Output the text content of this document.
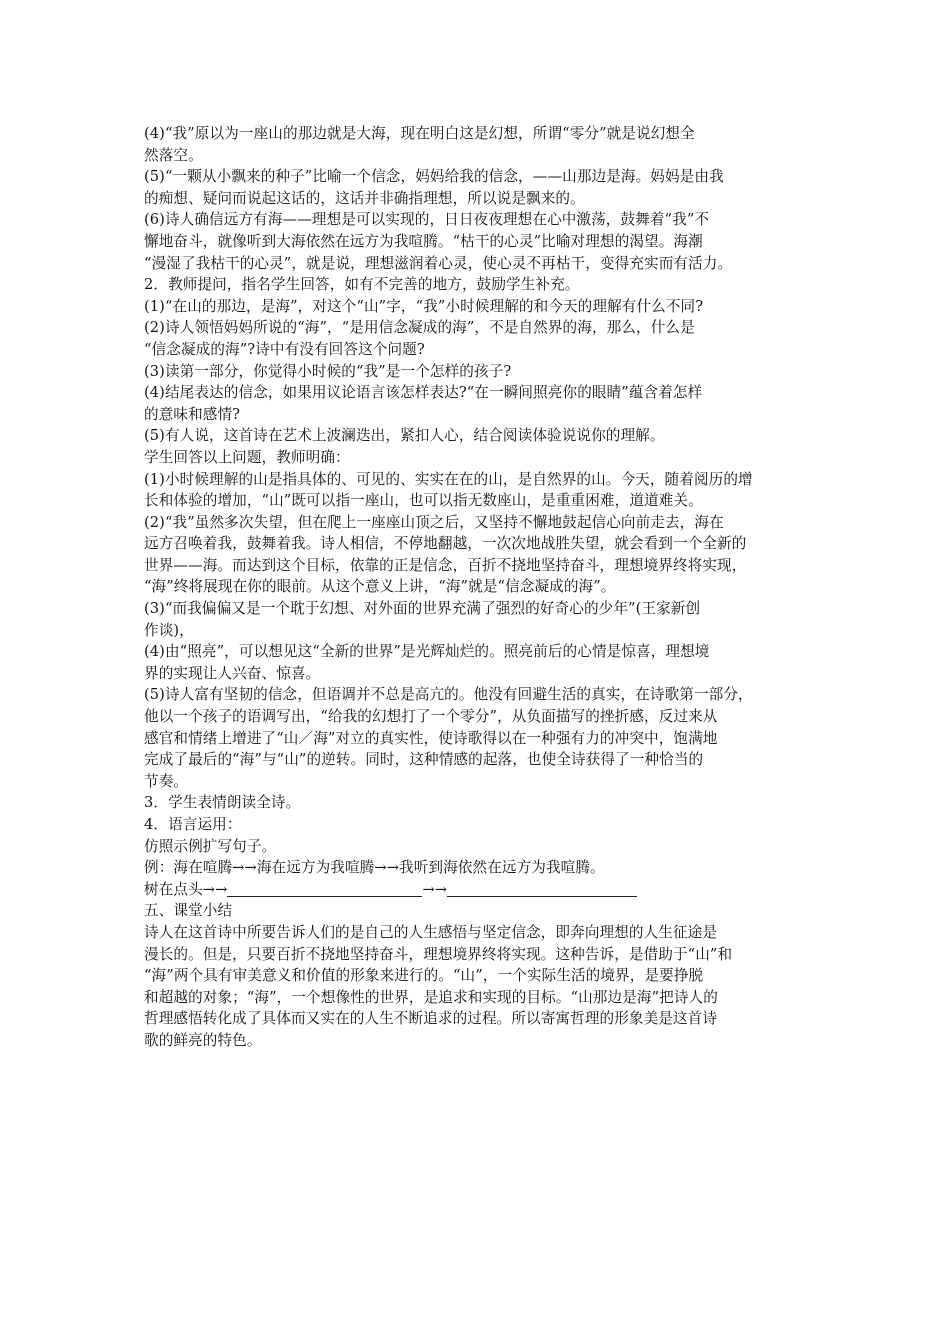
(4)“我”原以为一座山的那边就是大海，现在明白这是幻想，所谓“零分”就是说幻想全
然落空。
(5)“一颗从小飘来的种子”比喻一个信念，妈妈给我的信念，——山那边是海。妈妈是由我
的痴想、疑问而说起这话的，这话并非确指理想，所以说是飘来的。
(6)诗人确信远方有海——理想是可以实现的，日日夜夜理想在心中激荡，鼓舞着“我”不
懈地奋斗，就像听到大海依然在远方为我喧腾。“枯干的心灵”比喻对理想的渴望。海潮
“漫湿了我枯干的心灵”，就是说，理想滋润着心灵，使心灵不再枯干，变得充实而有活力。
2．教师提问，指名学生回答，如有不完善的地方，鼓励学生补充。
(1)“在山的那边，是海”，对这个“山”字，“我”小时候理解的和今天的理解有什么不同?
(2)诗人领悟妈妈所说的“海”，“是用信念凝成的海”，不是自然界的海，那么，什么是
“信念凝成的海”?诗中有没有回答这个问题?
(3)读第一部分，你觉得小时候的“我”是一个怎样的孩子?
(4)结尾表达的信念，如果用议论语言该怎样表达?“在一瞬间照亮你的眼睛”蕴含着怎样
的意味和感情?
(5)有人说，这首诗在艺术上波澜迭出，紧扣人心，结合阅读体验说说你的理解。
学生回答以上问题，教师明确：
(1)小时候理解的山是指具体的、可见的、实实在在的山，是自然界的山。今天，随着阅历的增
长和体验的增加，“山”既可以指一座山，也可以指无数座山，是重重困难，道道难关。
(2)“我”虽然多次失望，但在爬上一座座山顶之后，又坚持不懈地鼓起信心向前走去，海在
远方召唤着我，鼓舞着我。诗人相信，不停地翻越，一次次地战胜失望，就会看到一个全新的
世界——海。而达到这个目标，依靠的正是信念，百折不挠地坚持奋斗，理想境界终将实现，
“海”终将展现在你的眼前。从这个意义上讲，“海”就是“信念凝成的海”。
(3)“而我偏偏又是一个耽于幻想、对外面的世界充满了强烈的好奇心的少年”(王家新创
作谈)，
(4)由“照亮”，可以想见这“全新的世界”是光辉灿烂的。照亮前后的心情是惊喜，理想境
界的实现让人兴奋、惊喜。
(5)诗人富有坚韧的信念，但语调并不总是高亢的。他没有回避生活的真实，在诗歌第一部分，
他以一个孩子的语调写出，“给我的幻想打了一个零分”，从负面描写的挫折感，反过来从
感官和情绪上增进了“山／海”对立的真实性，使诗歌得以在一种强有力的冲突中，饱满地
完成了最后的“海”与“山”的逆转。同时，这种情感的起落，也使全诗获得了一种恰当的
节奏。
3．学生表情朗读全诗。
4．语言运用：
仿照示例扩写句子。
例：海在喧腾→→海在远方为我喧腾→→我听到海依然在远方为我喧腾。
树在点头→→	→→
五、课堂小结
诗人在这首诗中所要告诉人们的是自己的人生感悟与坚定信念，即奔向理想的人生征途是
漫长的。但是，只要百折不挠地坚持奋斗，理想境界终将实现。这种告诉，是借助于“山”和
“海”两个具有审美意义和价值的形象来进行的。“山”，一个实际生活的境界，是要挣脱
和超越的对象；“海”，一个想像性的世界，是追求和实现的目标。“山那边是海”把诗人的
哲理感悟转化成了具体而又实在的人生不断追求的过程。所以寄寓哲理的形象美是这首诗
歌的鲜亮的特色。
